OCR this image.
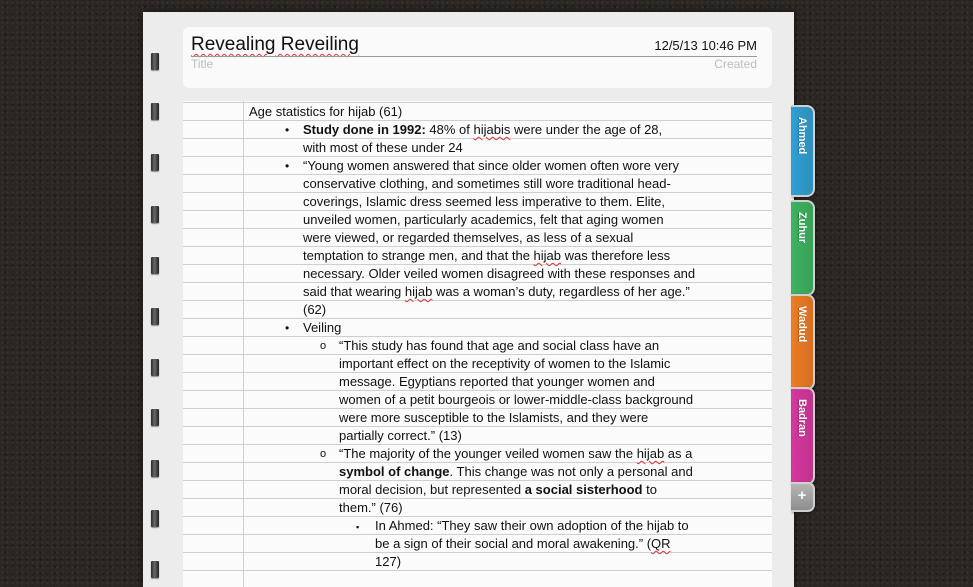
Revealing Reveiling	12/5/13 10:46 PM
Title	Created
Age statistics for hijab (61)
• Study done in 1992: 48% of hijabis were under the age of 28,
with most of these under 24
• “Young women answered that since older women often wore very
conservative clothing, and sometimes still wore traditional head-
coverings, Islamic dress seemed less imperative to them. Elite,
unveiled women, particularly academics, felt that aging women
were viewed, or regarded themselves, as less of a sexual
temptation to strange men, and that the hijab was therefore less
necessary. Older veiled women disagreed with these responses and
said that wearing hijab was a woman’s duty, regardless of her age.”
(62)
• Veiling
o “This study has found that age and social class have an
important effect on the receptivity of women to the Islamic
message. Egyptians reported that younger women and
women of a petit bourgeois or lower-middle-class background
were more susceptible to the Islamists, and they were
partially correct.” (13)
o “The majority of the younger veiled women saw the hijab as a
symbol of change. This change was not only a personal and
moral decision, but represented a social sisterhood to
them.” (76)
▪ In Ahmed: “They saw their own adoption of the hijab to
be a sign of their social and moral awakening.” (QR
127)
Ahmed
Zuhur
Wadud
Badran
+
